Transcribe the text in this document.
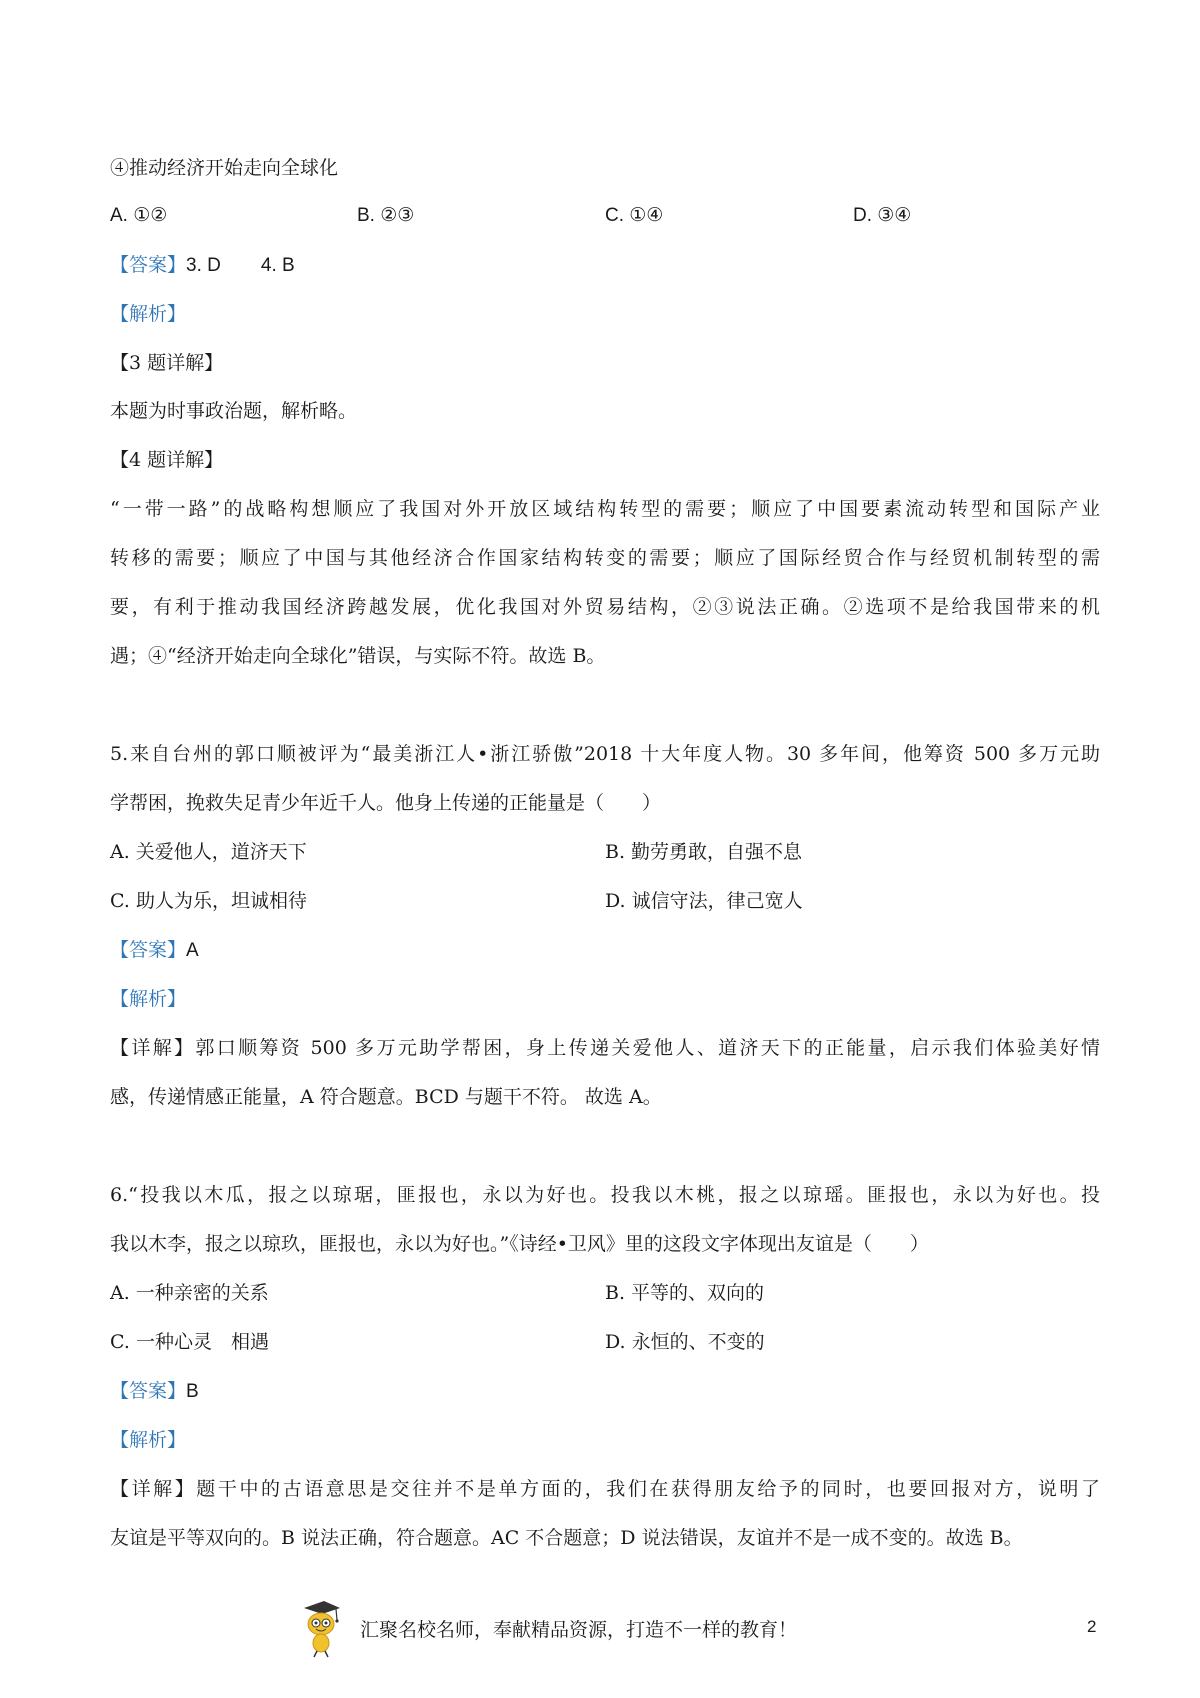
④推动经济开始走向全球化
A. ①②	B. ②③	C. ①④	D. ③④
【答案】3. D 4. B
【解析】
【3 题详解】
本题为时事政治题，解析略。
【4 题详解】
“一带一路”的战略构想顺应了我国对外开放区域结构转型的需要；顺应了中国要素流动转型和国际产业
转移的需要；顺应了中国与其他经济合作国家结构转变的需要；顺应了国际经贸合作与经贸机制转型的需
要，有利于推动我国经济跨越发展，优化我国对外贸易结构，②③说法正确。②选项不是给我国带来的机
遇；④“经济开始走向全球化”错误，与实际不符。故选 B。
5.来自台州的郭口顺被评为“最美浙江人•浙江骄傲”2018 十大年度人物。30 多年间，他筹资 500 多万元助
学帮困，挽救失足青少年近千人。他身上传递的正能量是（　　）
A. 关爱他人，道济天下	B. 勤劳勇敢，自强不息
C. 助人为乐，坦诚相待	D. 诚信守法，律己宽人
【答案】A
【解析】
【详解】郭口顺筹资 500 多万元助学帮困，身上传递关爱他人、道济天下的正能量，启示我们体验美好情
感，传递情感正能量，A 符合题意。BCD 与题干不符。 故选 A。
6.“投我以木瓜，报之以琼琚，匪报也，永以为好也。投我以木桃，报之以琼瑶。匪报也，永以为好也。投
我以木李，报之以琼玖，匪报也，永以为好也。”《诗经•卫风》里的这段文字体现出友谊是（　　）
A. 一种亲密的关系	B. 平等的、双向的
C. 一种心灵　相遇	D. 永恒的、不变的
【答案】B
【解析】
【详解】题干中的古语意思是交往并不是单方面的，我们在获得朋友给予的同时，也要回报对方，说明了
友谊是平等双向的。B 说法正确，符合题意。AC 不合题意；D 说法错误，友谊并不是一成不变的。故选 B。
汇聚名校名师，奉献精品资源，打造不一样的教育！	2
